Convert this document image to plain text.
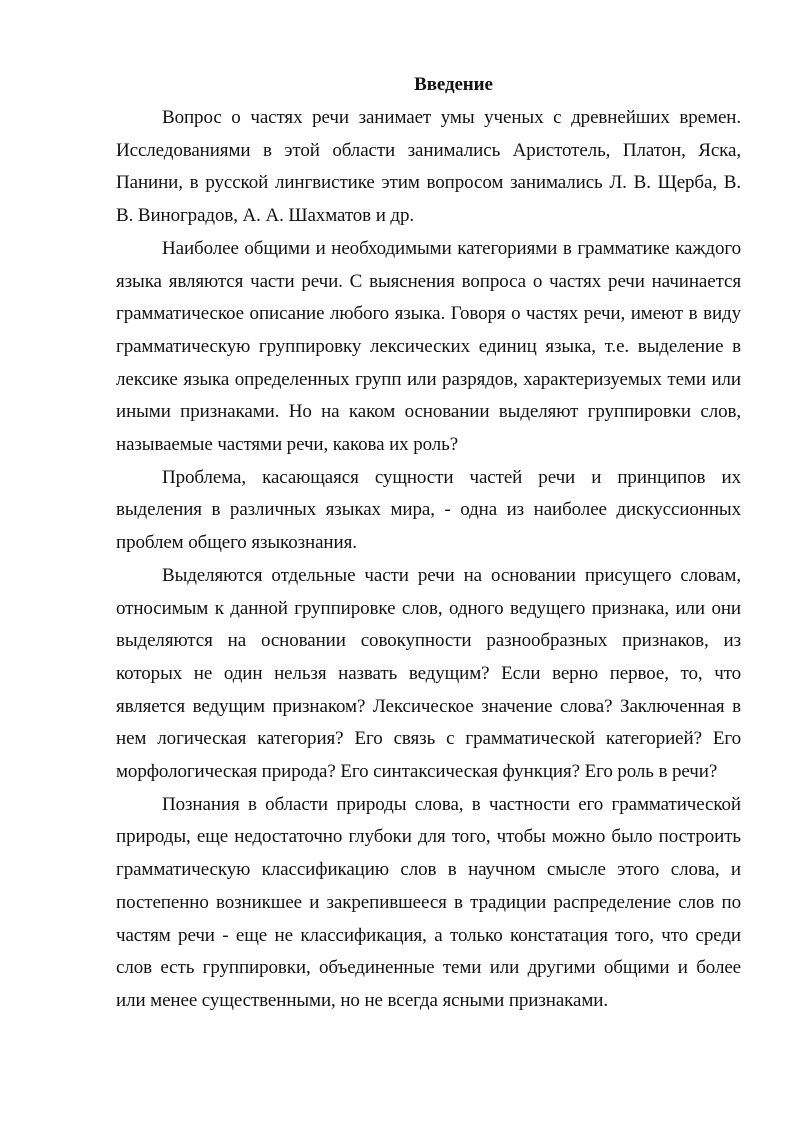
Введение

Вопрос о частях речи занимает умы ученых с древнейших времен. Исследованиями в этой области занимались Аристотель, Платон, Яска, Панини, в русской лингвистике этим вопросом занимались Л. В. Щерба, В. В. Виноградов, А. А. Шахматов и др.

Наиболее общими и необходимыми категориями в грамматике каждого языка являются части речи. С выяснения вопроса о частях речи начинается грамматическое описание любого языка. Говоря о частях речи, имеют в виду грамматическую группировку лексических единиц языка, т.е. выделение в лексике языка определенных групп или разрядов, характеризуемых теми или иными признаками. Но на каком основании выделяют группировки слов, называемые частями речи, какова их роль?

Проблема, касающаяся сущности частей речи и принципов их выделения в различных языках мира, - одна из наиболее дискуссионных проблем общего языкознания.

Выделяются отдельные части речи на основании присущего словам, относимым к данной группировке слов, одного ведущего признака, или они выделяются на основании совокупности разнообразных признаков, из которых не один нельзя назвать ведущим? Если верно первое, то, что является ведущим признаком? Лексическое значение слова? Заключенная в нем логическая категория? Его связь с грамматической категорией? Его морфологическая природа? Его синтаксическая функция? Его роль в речи?

Познания в области природы слова, в частности его грамматической природы, еще недостаточно глубоки для того, чтобы можно было построить грамматическую классификацию слов в научном смысле этого слова, и постепенно возникшее и закрепившееся в традиции распределение слов по частям речи - еще не классификация, а только констатация того, что среди слов есть группировки, объединенные теми или другими общими и более или менее существенными, но не всегда ясными признаками.
